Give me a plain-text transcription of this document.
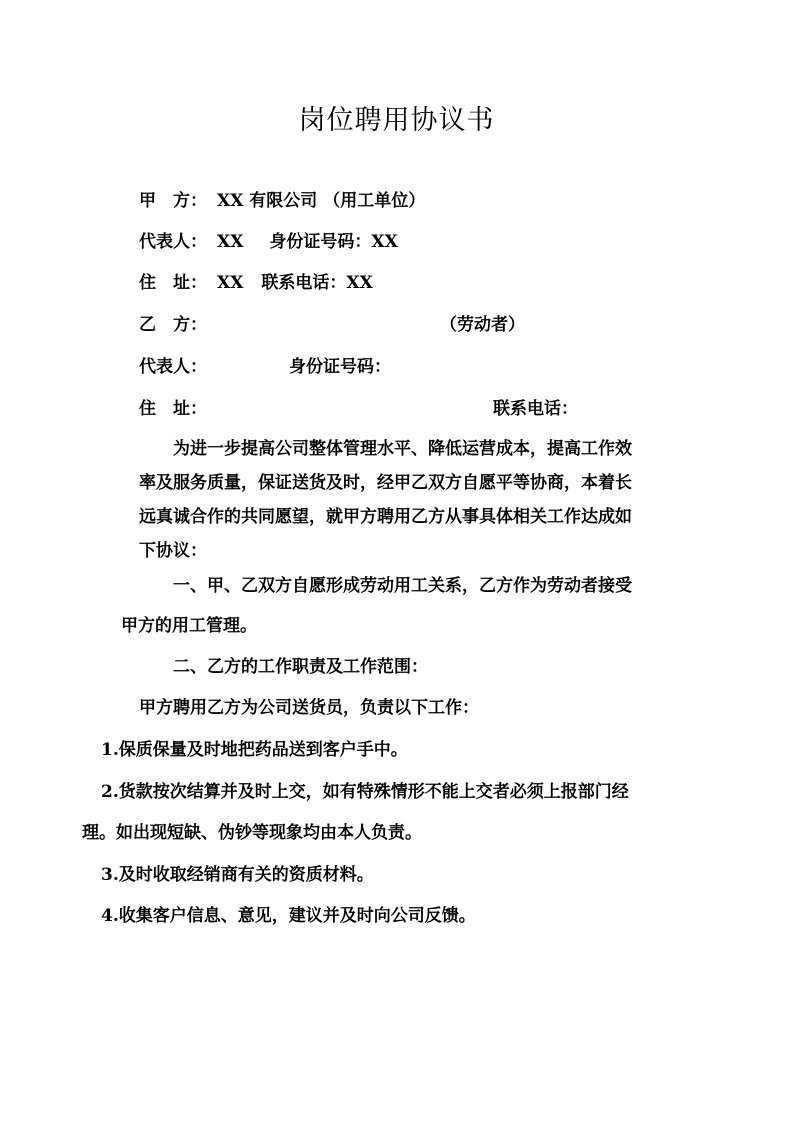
岗位聘用协议书
甲　方： XX 有限公司 （用工单位）
代表人： XX 身份证号码：XX
住　址： XX 联系电话：XX
乙　方：	（劳动者）
代表人：	身份证号码：
住　址：	联系电话：
为进一步提高公司整体管理水平、降低运营成本，提高工作效
率及服务质量，保证送货及时，经甲乙双方自愿平等协商，本着长
远真诚合作的共同愿望，就甲方聘用乙方从事具体相关工作达成如
下协议：
一、甲、乙双方自愿形成劳动用工关系，乙方作为劳动者接受
甲方的用工管理。
二、乙方的工作职责及工作范围：
甲方聘用乙方为公司送货员，负责以下工作：
1.保质保量及时地把药品送到客户手中。
2.货款按次结算并及时上交，如有特殊情形不能上交者必须上报部门经
理。如出现短缺、伪钞等现象均由本人负责。
3.及时收取经销商有关的资质材料。
4.收集客户信息、意见，建议并及时向公司反馈。
